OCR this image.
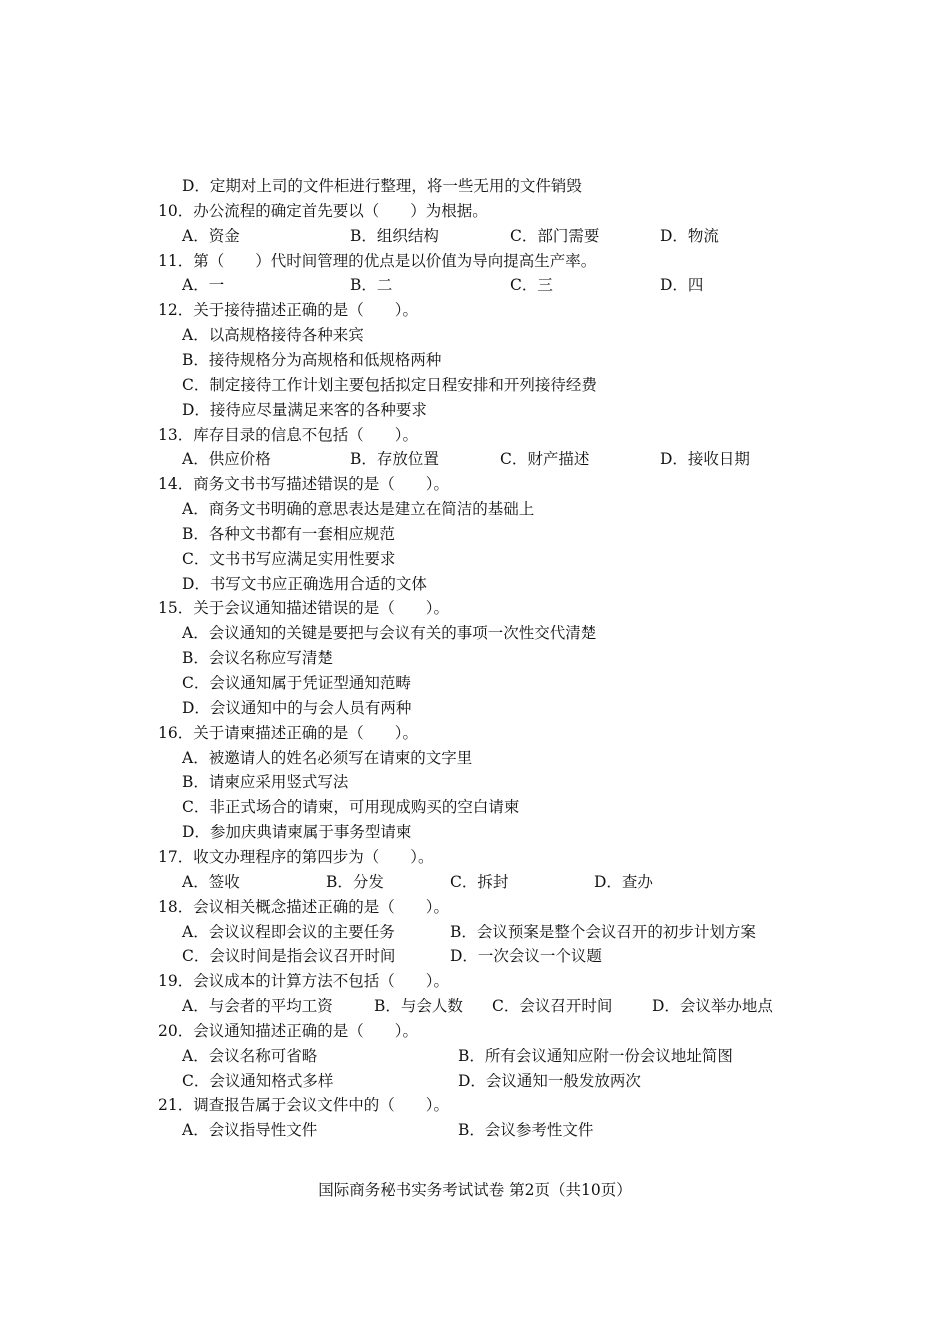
D．定期对上司的文件柜进行整理，将一些无用的文件销毁
10．办公流程的确定首先要以（　　）为根据。
A．资金	B．组织结构	C．部门需要	D．物流
11．第（　　）代时间管理的优点是以价值为导向提高生产率。
A．一	B．二	C．三	D．四
12．关于接待描述正确的是（　　）。
A．以高规格接待各种来宾
B．接待规格分为高规格和低规格两种
C．制定接待工作计划主要包括拟定日程安排和开列接待经费
D．接待应尽量满足来客的各种要求
13．库存目录的信息不包括（　　）。
A．供应价格	B．存放位置	C．财产描述	D．接收日期
14．商务文书书写描述错误的是（　　）。
A．商务文书明确的意思表达是建立在简洁的基础上
B．各种文书都有一套相应规范
C．文书书写应满足实用性要求
D．书写文书应正确选用合适的文体
15．关于会议通知描述错误的是（　　）。
A．会议通知的关键是要把与会议有关的事项一次性交代清楚
B．会议名称应写清楚
C．会议通知属于凭证型通知范畴
D．会议通知中的与会人员有两种
16．关于请柬描述正确的是（　　）。
A．被邀请人的姓名必须写在请柬的文字里
B．请柬应采用竖式写法
C．非正式场合的请柬，可用现成购买的空白请柬
D．参加庆典请柬属于事务型请柬
17．收文办理程序的第四步为（　　）。
A．签收	B．分发	C．拆封	D．查办
18．会议相关概念描述正确的是（　　）。
A．会议议程即会议的主要任务	B．会议预案是整个会议召开的初步计划方案
C．会议时间是指会议召开时间	D．一次会议一个议题
19．会议成本的计算方法不包括（　　）。
A．与会者的平均工资	B．与会人数 C．会议召开时间	D．会议举办地点
20．会议通知描述正确的是（　　）。
A．会议名称可省略	B．所有会议通知应附一份会议地址简图
C．会议通知格式多样	D．会议通知一般发放两次
21．调查报告属于会议文件中的（　　）。
A．会议指导性文件	B．会议参考性文件
国际商务秘书实务考试试卷 第2页（共10页）
